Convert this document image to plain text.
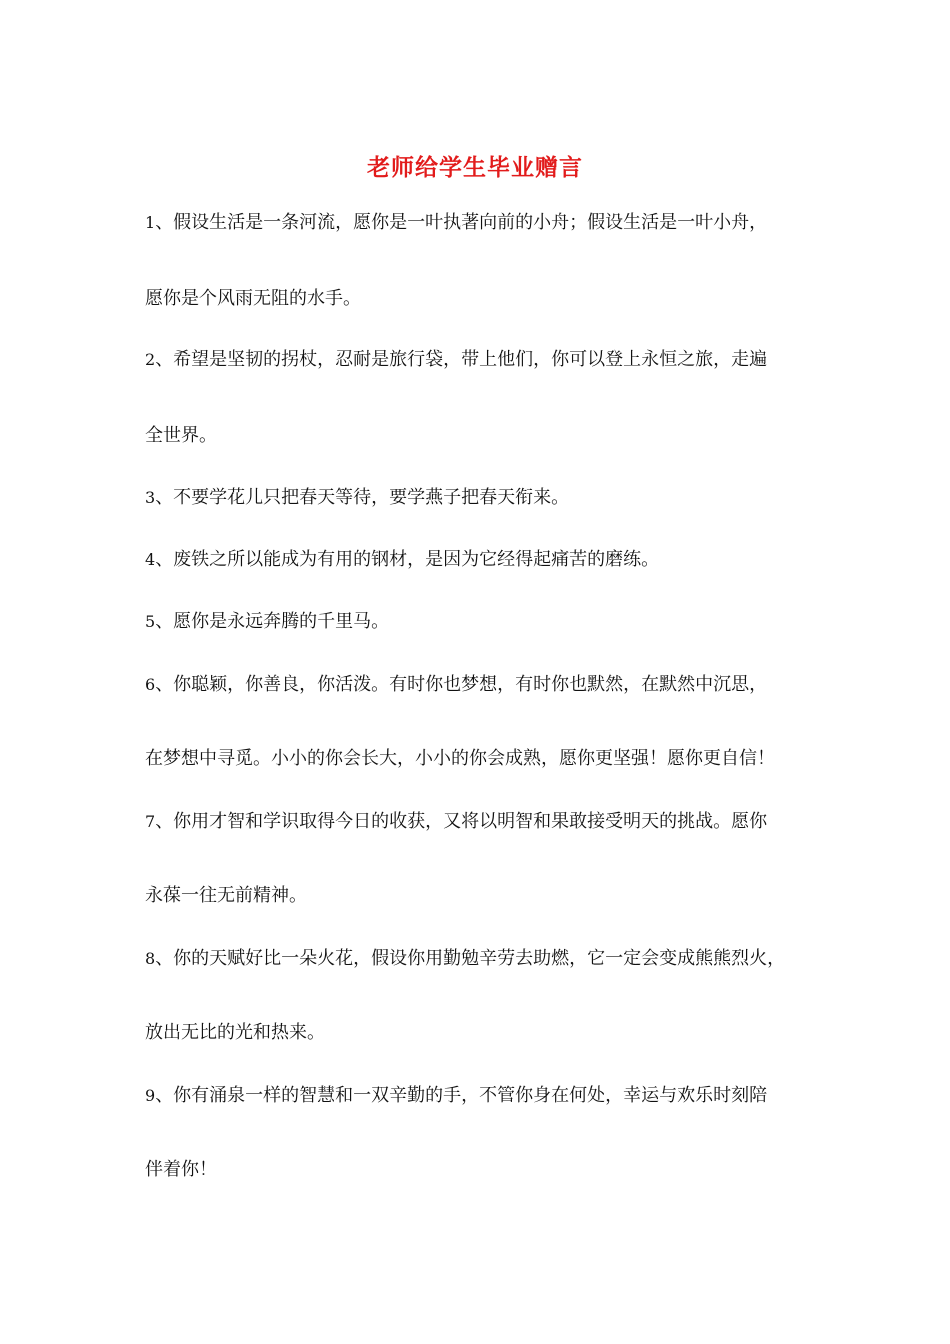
老师给学生毕业赠言
1、假设生活是一条河流，愿你是一叶执著向前的小舟；假设生活是一叶小舟，
愿你是个风雨无阻的水手。
2、希望是坚韧的拐杖，忍耐是旅行袋，带上他们，你可以登上永恒之旅，走遍
全世界。
3、不要学花儿只把春天等待，要学燕子把春天衔来。
4、废铁之所以能成为有用的钢材，是因为它经得起痛苦的磨练。
5、愿你是永远奔腾的千里马。
6、你聪颖，你善良，你活泼。有时你也梦想，有时你也默然，在默然中沉思，
在梦想中寻觅。小小的你会长大，小小的你会成熟，愿你更坚强！愿你更自信！
7、你用才智和学识取得今日的收获，又将以明智和果敢接受明天的挑战。愿你
永葆一往无前精神。
8、你的天赋好比一朵火花，假设你用勤勉辛劳去助燃，它一定会变成熊熊烈火，
放出无比的光和热来。
9、你有涌泉一样的智慧和一双辛勤的手，不管你身在何处，幸运与欢乐时刻陪
伴着你！
